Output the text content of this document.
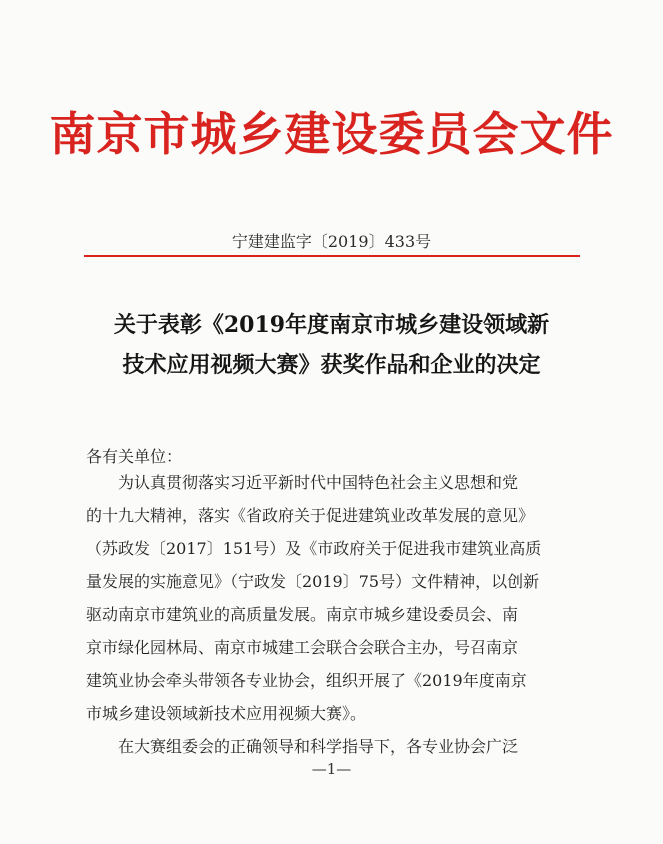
南京市城乡建设委员会文件
宁建建监字〔2019〕433号
关于表彰《2019年度南京市城乡建设领域新
技术应用视频大赛》获奖作品和企业的决定
各有关单位：
为认真贯彻落实习近平新时代中国特色社会主义思想和党
的十九大精神，落实《省政府关于促进建筑业改革发展的意见》
（苏政发〔2017〕151号）及《市政府关于促进我市建筑业高质
量发展的实施意见》（宁政发〔2019〕75号）文件精神，以创新
驱动南京市建筑业的高质量发展。南京市城乡建设委员会、南
京市绿化园林局、南京市城建工会联合会联合主办，号召南京
建筑业协会牵头带领各专业协会，组织开展了《2019年度南京
市城乡建设领域新技术应用视频大赛》。
在大赛组委会的正确领导和科学指导下，各专业协会广泛
—1—
